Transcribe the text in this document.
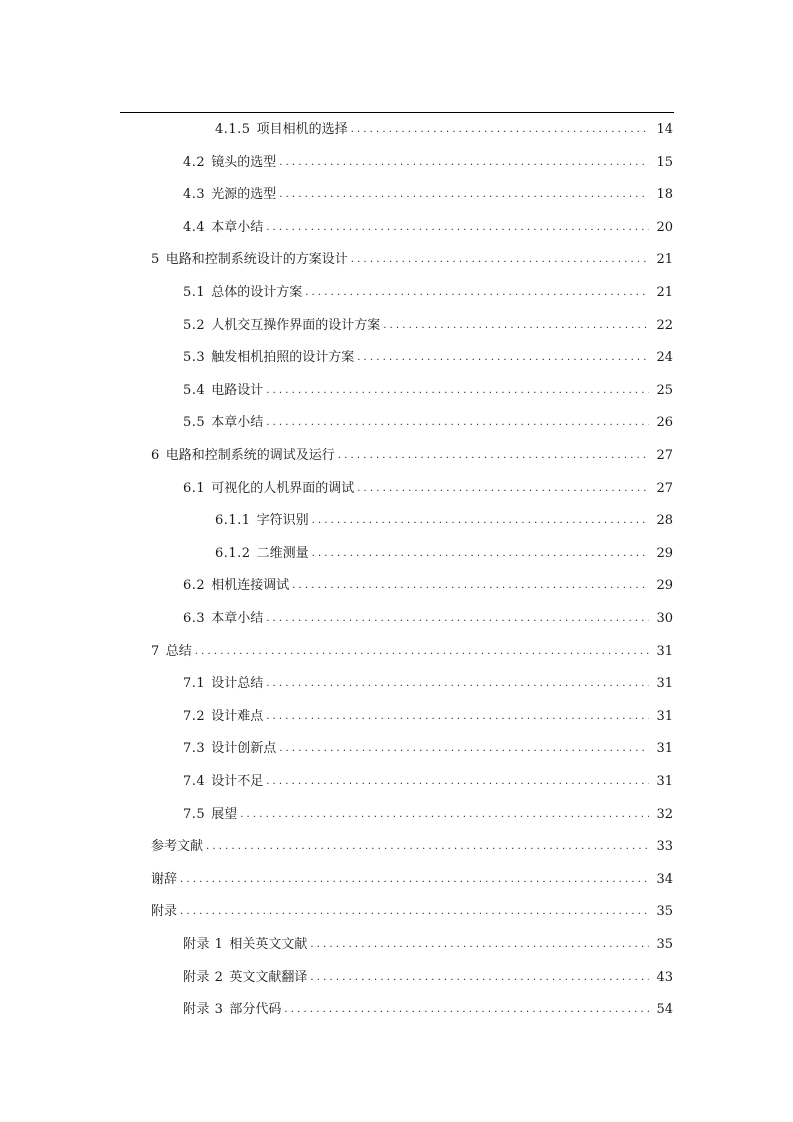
4.1.5 项目相机的选择 . . .	14
4.2 镜头的选型 . . .	15
4.3 光源的选型 . . .	18
4.4 本章小结 . . .	20
5 电路和控制系统设计的方案设计 . . .	21
5.1 总体的设计方案 . . .	21
5.2 人机交互操作界面的设计方案 . . .	22
5.3 触发相机拍照的设计方案 . . .	24
5.4 电路设计 . . .	25
5.5 本章小结 . . .	26
6 电路和控制系统的调试及运行 . . .	27
6.1 可视化的人机界面的调试 . . .	27
6.1.1 字符识别 . . .	28
6.1.2 二维测量 . . .	29
6.2 相机连接调试 . . .	29
6.3 本章小结 . . .	30
7 总结 . . .	31
7.1 设计总结 . . .	31
7.2 设计难点 . . .	31
7.3 设计创新点 . . .	31
7.4 设计不足 . . .	31
7.5 展望 . . .	32
参考文献 . . .	33
谢辞 . . .	34
附录 . . .	35
附录 1 相关英文文献 . . .	35
附录 2 英文文献翻译 . . .	43
附录 3 部分代码 . . .	54
